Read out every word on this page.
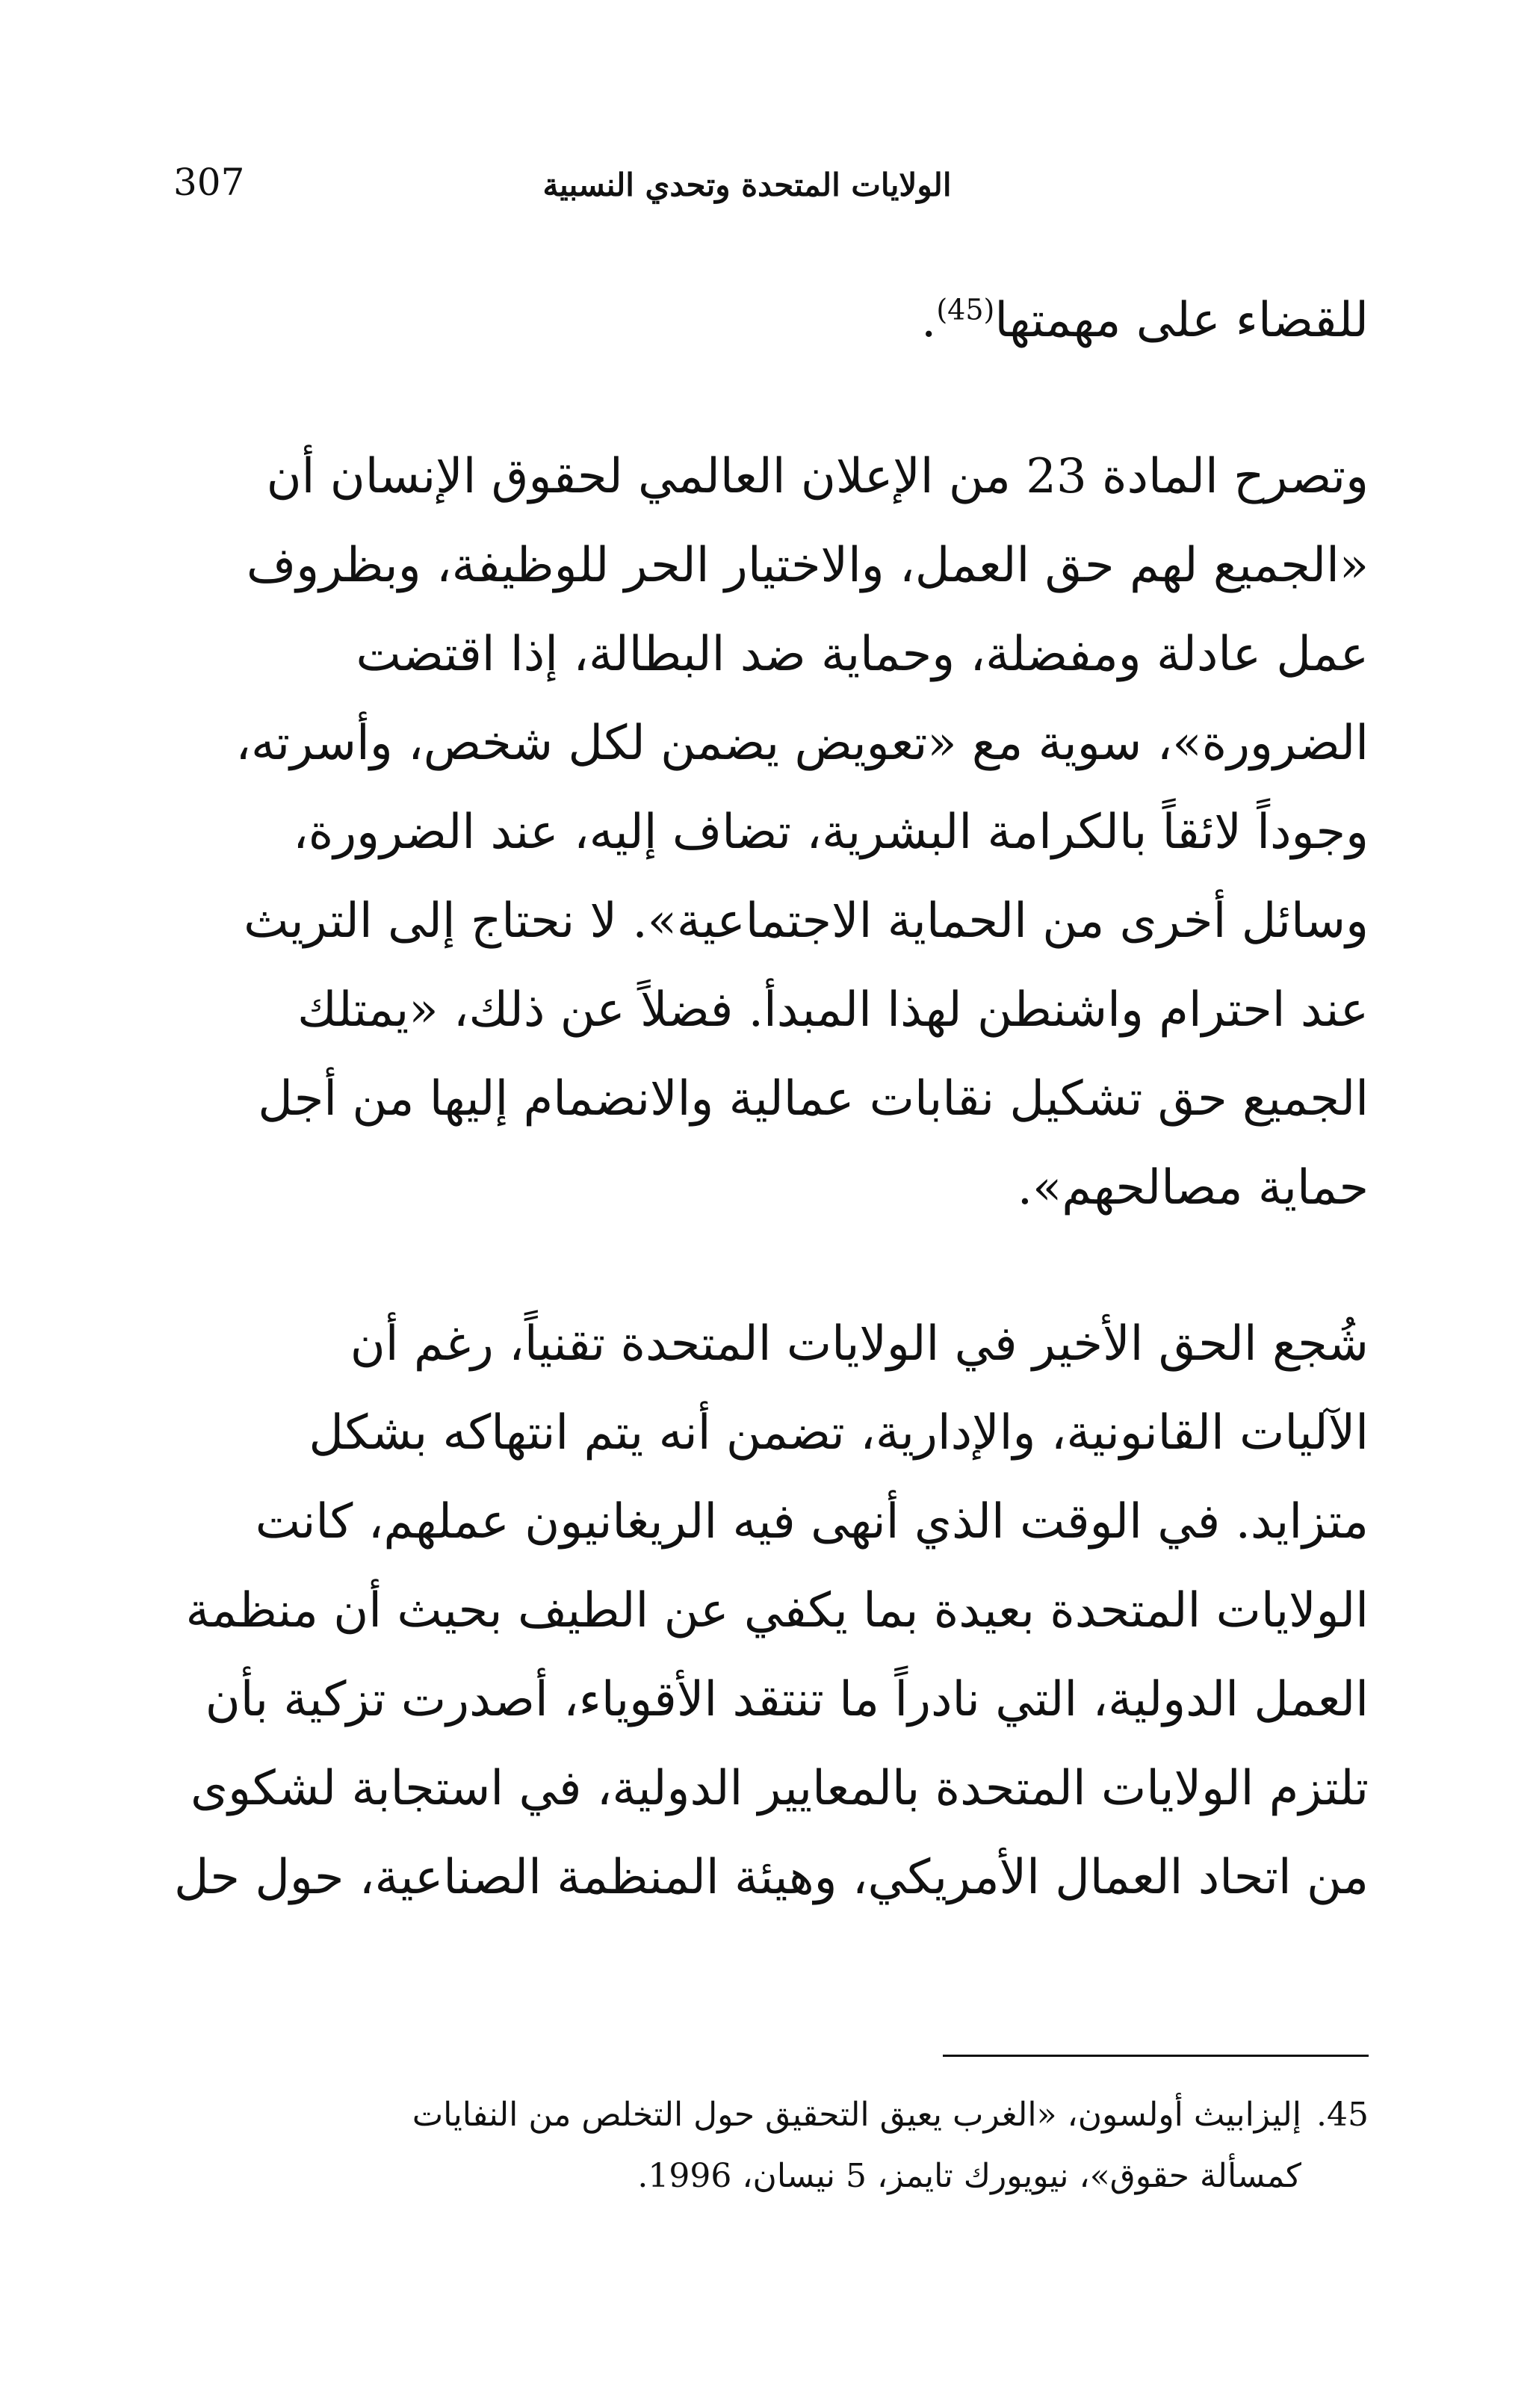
307	الولايات المتحدة وتحدي النسبية

للقضاء على مهمتها$^{(45)}$.

وتصرح المادة 23 من الإعلان العالمي لحقوق الإنسان أن
«الجميع لهم حق العمل، والاختيار الحر للوظيفة، وبظروف
عمل عادلة ومفضلة، وحماية ضد البطالة، إذا اقتضت
الضرورة»، سوية مع «تعويض يضمن لكل شخص، وأسرته،
وجوداً لائقاً بالكرامة البشرية، تضاف إليه، عند الضرورة،
وسائل أخرى من الحماية الاجتماعية». لا نحتاج إلى التريث
عند احترام واشنطن لهذا المبدأ. فضلاً عن ذلك، «يمتلك
الجميع حق تشكيل نقابات عمالية والانضمام إليها من أجل
حماية مصالحهم».

شُجع الحق الأخير في الولايات المتحدة تقنياً، رغم أن
الآليات القانونية، والإدارية، تضمن أنه يتم انتهاكه بشكل
متزايد. في الوقت الذي أنهى فيه الريغانيون عملهم، كانت
الولايات المتحدة بعيدة بما يكفي عن الطيف بحيث أن منظمة
العمل الدولية، التي نادراً ما تنتقد الأقوياء، أصدرت تزكية بأن
تلتزم الولايات المتحدة بالمعايير الدولية، في استجابة لشكوى
من اتحاد العمال الأمريكي، وهيئة المنظمة الصناعية، حول حل

45.إليزابيث أولسون، «الغرب يعيق التحقيق حول التخلص من النفايات
كمسألة حقوق»، نيويورك تايمز، 5 نيسان، 1996.
